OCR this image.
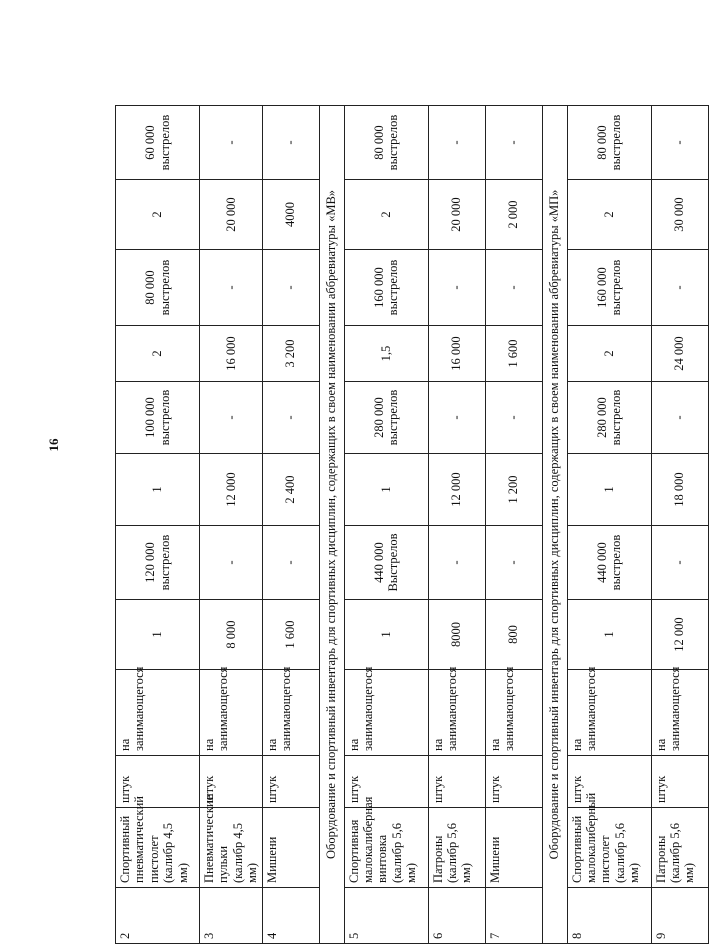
16
2	Спортивный пневматический пистолет (калибр 4,5 мм)	штук	на занимающегося	1	120 000 выстрелов	1	100 000 выстрелов	2	80 000 выстрелов	2	60 000 выстрелов
3	Пневматические пульки (калибр 4,5 мм)	штук	на занимающегося	8 000	-	12 000	-	16 000	-	20 000	-
4	Мишени	штук	на занимающегося	1 600	-	2 400	-	3 200	-	4000	-
Оборудование и спортивный инвентарь для спортивных дисциплин, содержащих в своем наименовании аббревиатуры «МВ»											
5	Спортивная малокалиберная винтовка (калибр 5,6 мм)	штук	на занимающегося	1	440 000 Выстрелов	1	280 000 выстрелов	1,5	160 000 выстрелов	2	80 000 выстрелов
6	Патроны (калибр 5,6 мм)	штук	на занимающегося	8000	-	12 000	-	16 000	-	20 000	-
7	Мишени	штук	на занимающегося	800	-	1 200	-	1 600	-	2 000	-
Оборудование и спортивный инвентарь для спортивных дисциплин, содержащих в своем наименовании аббревиатуры «МП»											
8	Спортивный малокалиберный пистолет (калибр 5,6 мм)	штук	на занимающегося	1	440 000 выстрелов	1	280 000 выстрелов	2	160 000 выстрелов	2	80 000 выстрелов
9	Патроны (калибр 5,6 мм)	штук	на занимающегося	12 000	-	18 000	-	24 000	-	30 000	-
